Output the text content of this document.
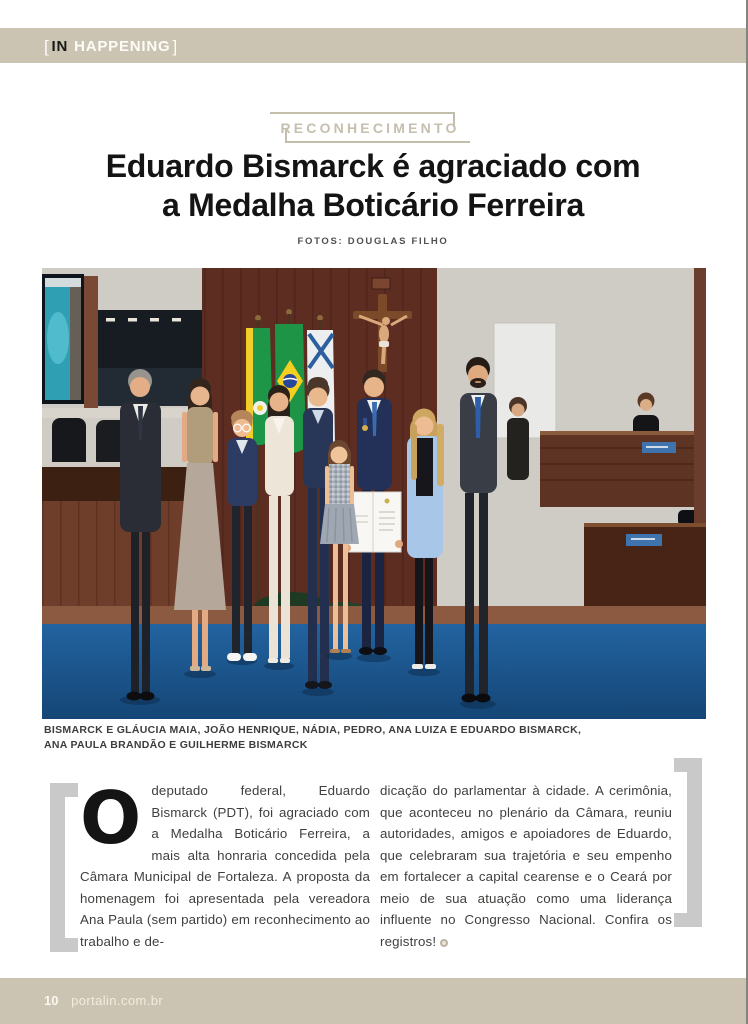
[ IN HAPPENING ]
RECONHECIMENTO
Eduardo Bismarck é agraciado com
a Medalha Boticário Ferreira
FOTOS: DOUGLAS FILHO
BISMARCK E GLÁUCIA MAIA, JOÃO HENRIQUE, NÁDIA, PEDRO, ANA LUIZA E EDUARDO BISMARCK,
ANA PAULA BRANDÃO E GUILHERME BISMARCK

Odeputado federal, Eduardo Bismarck (PDT), foi agraciado com a Medalha Boticário Ferreira, a mais alta honraria concedida pela Câmara Municipal de Fortaleza. A proposta da homenagem foi apresentada pela vereadora Ana Paula (sem partido) em reconhecimento ao trabalho e de-

dicação do parlamentar à cidade. A cerimônia, que aconteceu no plenário da Câmara, reuniu autoridades, amigos e apoiadores de Eduardo, que celebraram sua trajetória e seu empenho em fortalecer a capital cearense e o Ceará por meio de sua atuação como uma liderança influente no Congresso Nacional. Confira os registros!

10 portalin.com.br
